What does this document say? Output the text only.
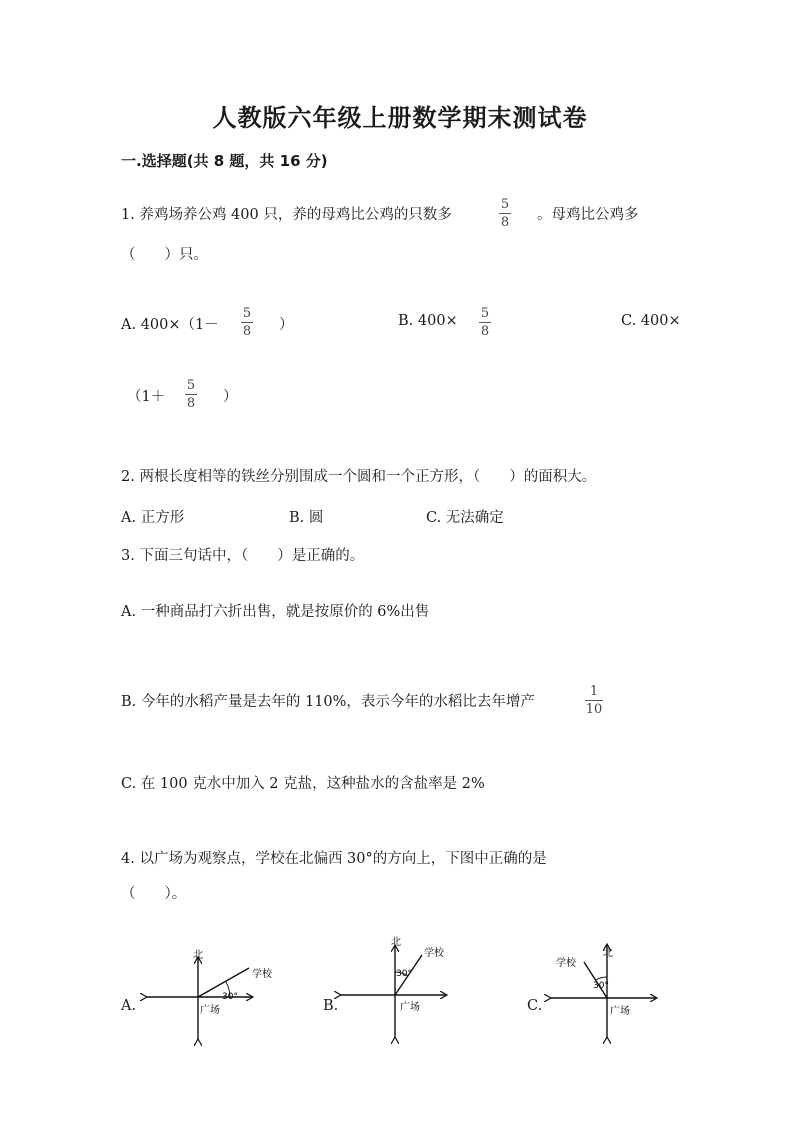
人教版六年级上册数学期末测试卷
一.选择题(共 8 题，共 16 分)
1. 养鸡场养公鸡 400 只，养的母鸡比公鸡的只数多
5
8 。母鸡比公鸡多
（　　）只。
A. 400×（1－
5
8 ）	B. 400× 5
8
C. 400×
（1＋
5
8 ）
2. 两根长度相等的铁丝分别围成一个圆和一个正方形，（　　）的面积大。
A. 正方形	B. 圆	C. 无法确定
3. 下面三句话中，（　　）是正确的。
A. 一种商品打六折出售，就是按原价的 6%出售
B. 今年的水稻产量是去年的 110%，表示今年的水稻比去年增产
1
10
C. 在 100 克水中加入 2 克盐，这种盐水的含盐率是 2%
4. 以广场为观察点，学校在北偏西 30°的方向上，下图中正确的是
（　　）。
A.	B.	C.
北
学校
广场
30°
北
学校
广场
30°
北
学校
广场
30°
